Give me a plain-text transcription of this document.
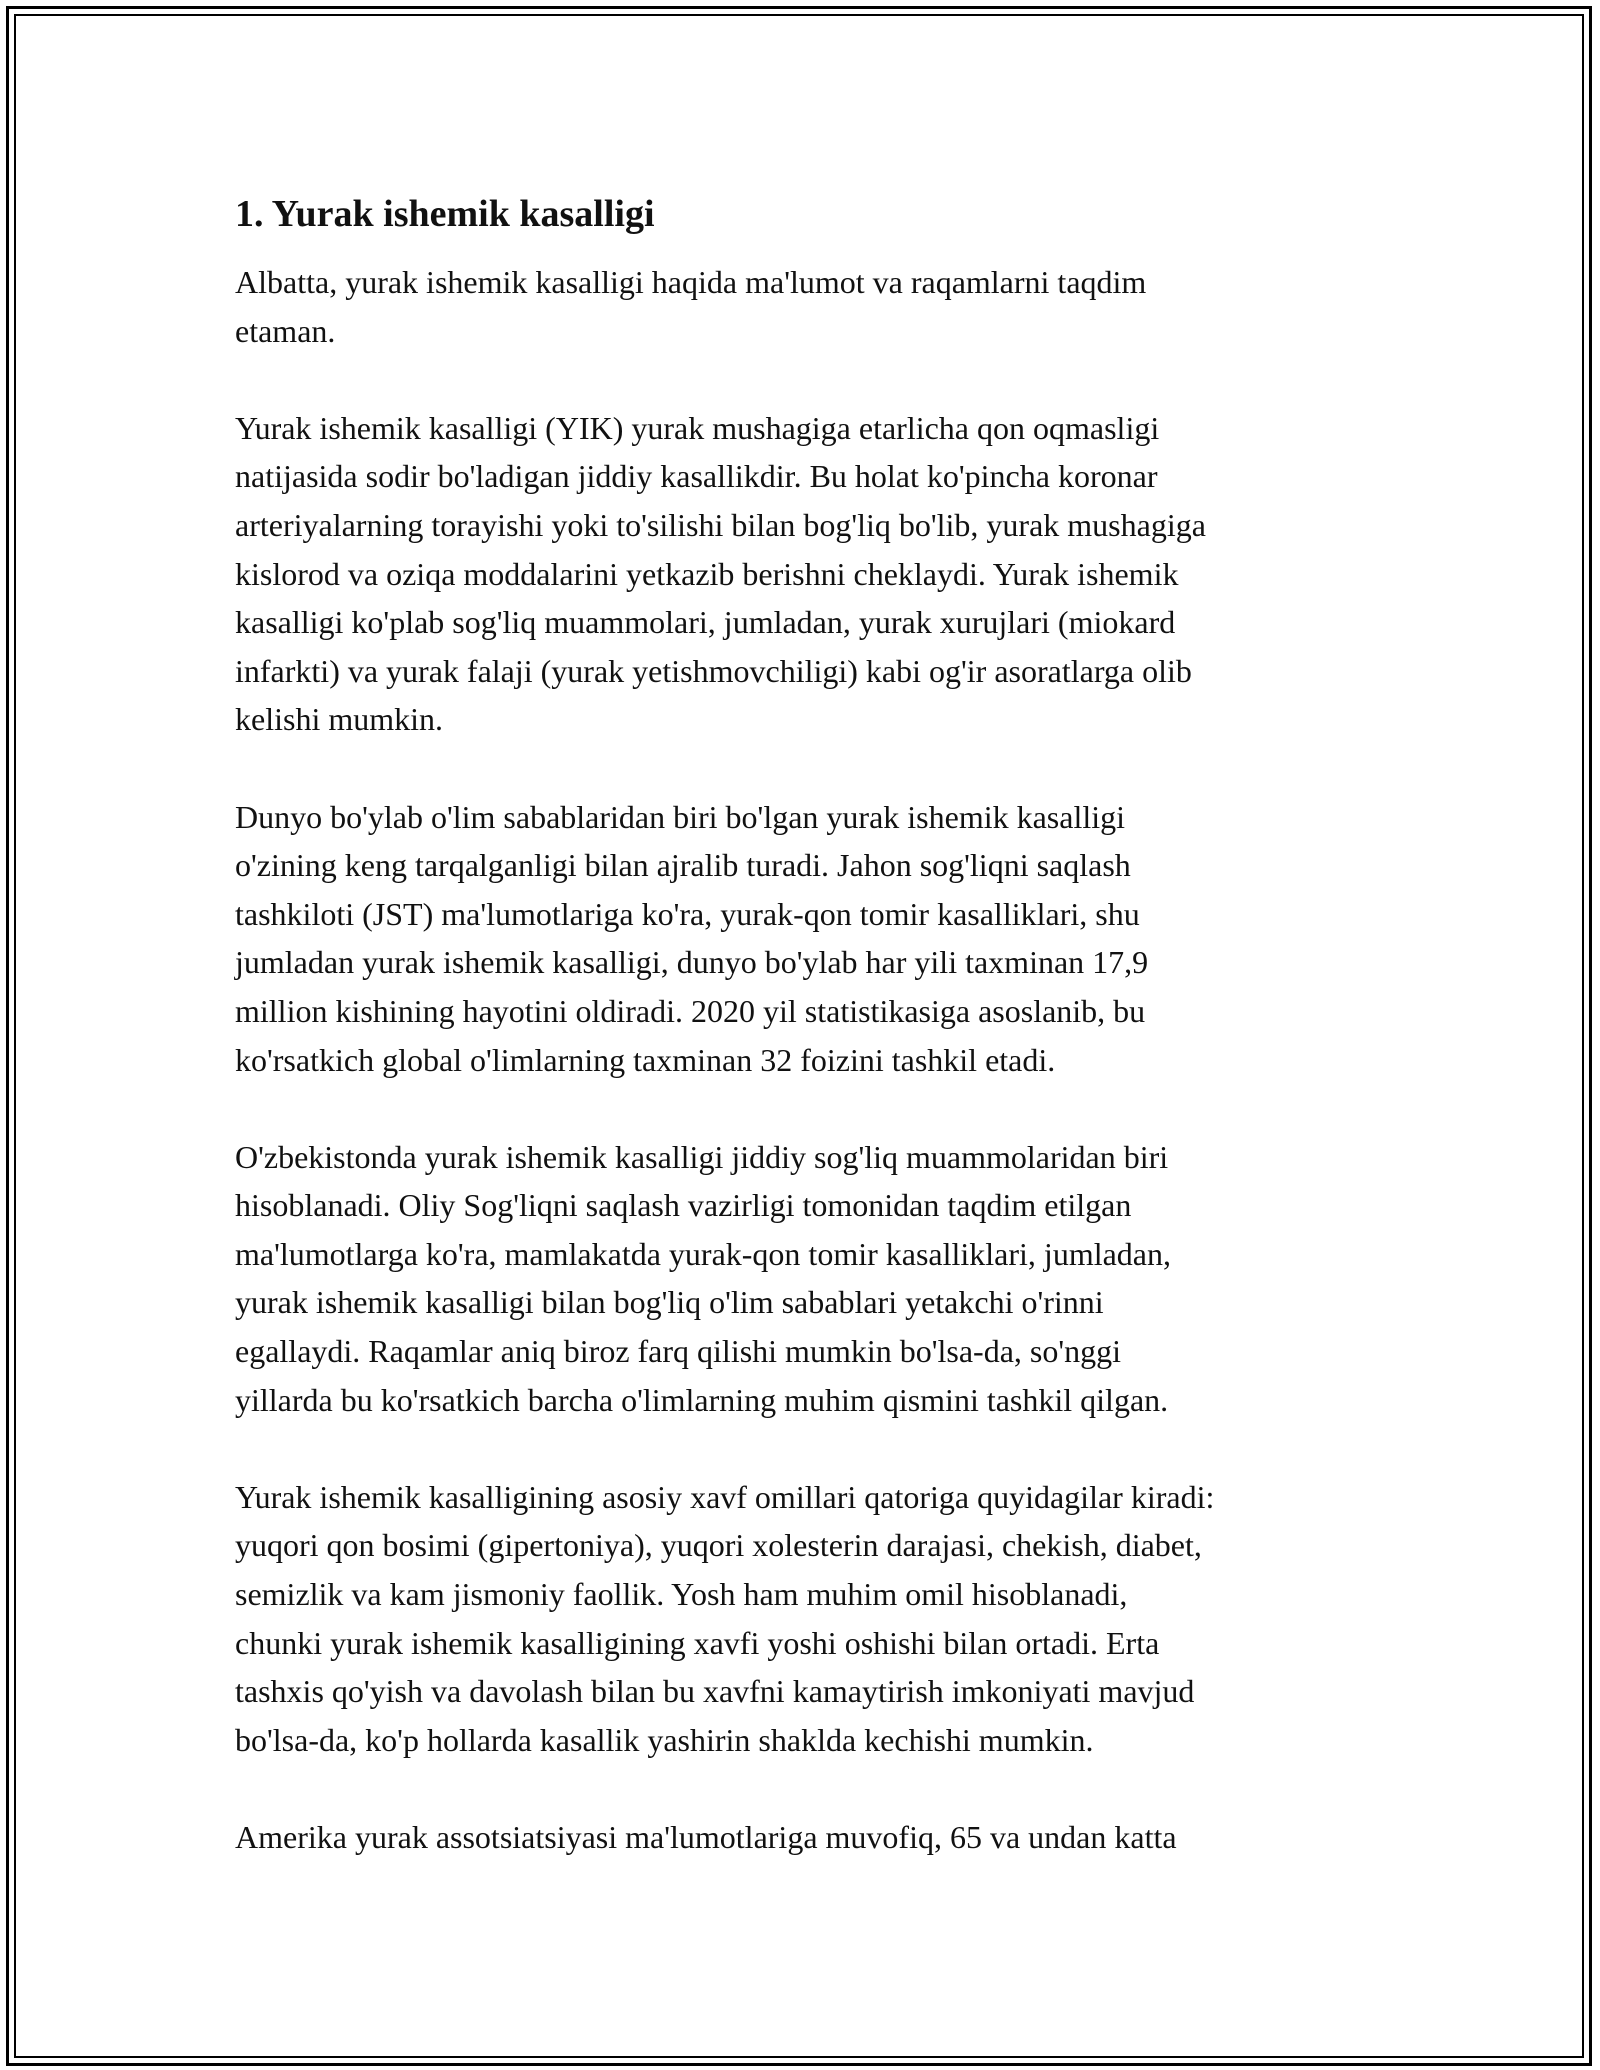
1. Yurak ishemik kasalligi

Albatta, yurak ishemik kasalligi haqida ma'lumot va raqamlarni taqdim
etaman.

Yurak ishemik kasalligi (YIK) yurak mushagiga etarlicha qon oqmasligi
natijasida sodir bo'ladigan jiddiy kasallikdir. Bu holat ko'pincha koronar
arteriyalarning torayishi yoki to'silishi bilan bog'liq bo'lib, yurak mushagiga
kislorod va oziqa moddalarini yetkazib berishni cheklaydi. Yurak ishemik
kasalligi ko'plab sog'liq muammolari, jumladan, yurak xurujlari (miokard
infarkti) va yurak falaji (yurak yetishmovchiligi) kabi og'ir asoratlarga olib
kelishi mumkin.

Dunyo bo'ylab o'lim sabablaridan biri bo'lgan yurak ishemik kasalligi
o'zining keng tarqalganligi bilan ajralib turadi. Jahon sog'liqni saqlash
tashkiloti (JST) ma'lumotlariga ko'ra, yurak-qon tomir kasalliklari, shu
jumladan yurak ishemik kasalligi, dunyo bo'ylab har yili taxminan 17,9
million kishining hayotini oldiradi. 2020 yil statistikasiga asoslanib, bu
ko'rsatkich global o'limlarning taxminan 32 foizini tashkil etadi.

O'zbekistonda yurak ishemik kasalligi jiddiy sog'liq muammolaridan biri
hisoblanadi. Oliy Sog'liqni saqlash vazirligi tomonidan taqdim etilgan
ma'lumotlarga ko'ra, mamlakatda yurak-qon tomir kasalliklari, jumladan,
yurak ishemik kasalligi bilan bog'liq o'lim sabablari yetakchi o'rinni
egallaydi. Raqamlar aniq biroz farq qilishi mumkin bo'lsa-da, so'nggi
yillarda bu ko'rsatkich barcha o'limlarning muhim qismini tashkil qilgan.

Yurak ishemik kasalligining asosiy xavf omillari qatoriga quyidagilar kiradi:
yuqori qon bosimi (gipertoniya), yuqori xolesterin darajasi, chekish, diabet,
semizlik va kam jismoniy faollik. Yosh ham muhim omil hisoblanadi,
chunki yurak ishemik kasalligining xavfi yoshi oshishi bilan ortadi. Erta
tashxis qo'yish va davolash bilan bu xavfni kamaytirish imkoniyati mavjud
bo'lsa-da, ko'p hollarda kasallik yashirin shaklda kechishi mumkin.

Amerika yurak assotsiatsiyasi ma'lumotlariga muvofiq, 65 va undan katta
